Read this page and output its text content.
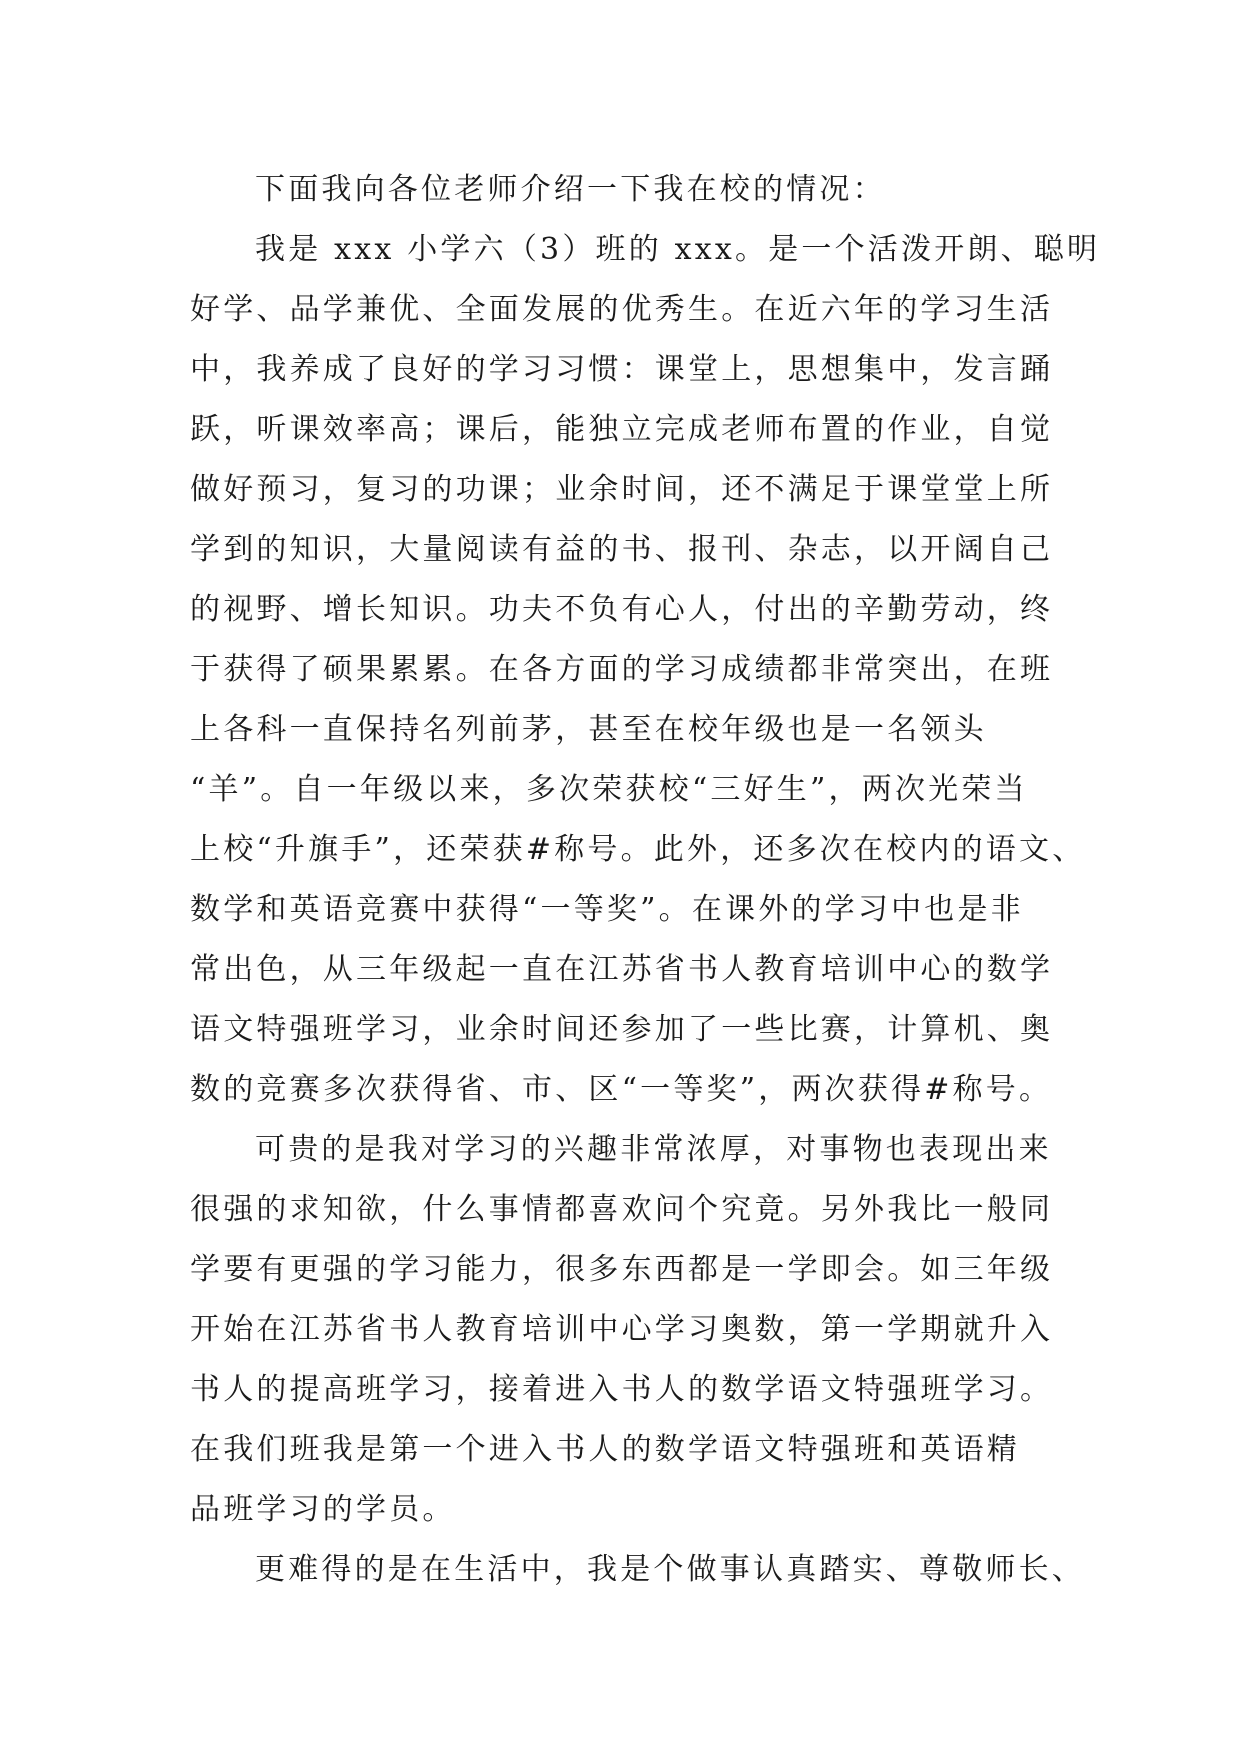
下面我向各位老师介绍一下我在校的情况：
我是 xxx 小学六（3）班的 xxx。是一个活泼开朗、聪明
好学、品学兼优、全面发展的优秀生。在近六年的学习生活
中，我养成了良好的学习习惯：课堂上，思想集中，发言踊
跃，听课效率高；课后，能独立完成老师布置的作业，自觉
做好预习，复习的功课；业余时间，还不满足于课堂堂上所
学到的知识，大量阅读有益的书、报刊、杂志，以开阔自己
的视野、增长知识。功夫不负有心人，付出的辛勤劳动，终
于获得了硕果累累。在各方面的学习成绩都非常突出，在班
上各科一直保持名列前茅，甚至在校年级也是一名领头
“羊”。自一年级以来，多次荣获校“三好生”，两次光荣当
上校“升旗手”，还荣获#称号。此外，还多次在校内的语文、
数学和英语竞赛中获得“一等奖”。在课外的学习中也是非
常出色，从三年级起一直在江苏省书人教育培训中心的数学
语文特强班学习，业余时间还参加了一些比赛，计算机、奥
数的竞赛多次获得省、市、区“一等奖”，两次获得#称号。
可贵的是我对学习的兴趣非常浓厚，对事物也表现出来
很强的求知欲，什么事情都喜欢问个究竟。另外我比一般同
学要有更强的学习能力，很多东西都是一学即会。如三年级
开始在江苏省书人教育培训中心学习奥数，第一学期就升入
书人的提高班学习，接着进入书人的数学语文特强班学习。
在我们班我是第一个进入书人的数学语文特强班和英语精
品班学习的学员。
更难得的是在生活中，我是个做事认真踏实、尊敬师长、
